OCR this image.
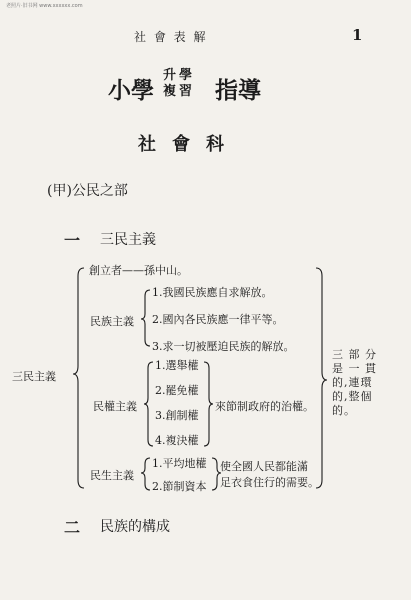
老照片·旧书网 www.xxxxxx.com
社 會 表 解	1
小學
升學
複習 指導
社會科
(甲)公民之部
一 三民主義
三民主義
創立者——孫中山。
民族主義
1.我國民族應自求解放。
2.國內各民族應一律平等。
3.求一切被壓迫民族的解放。
民權主義
1.選舉權
2.罷免權
3.創制權
4.複決權
來節制政府的治權。
民生主義
1.平均地權
2.節制資本
使全國人民都能滿
足衣食住行的需要。
三 部 分
是 一 貫
的,連環
的,整個
的。
二 民族的構成
